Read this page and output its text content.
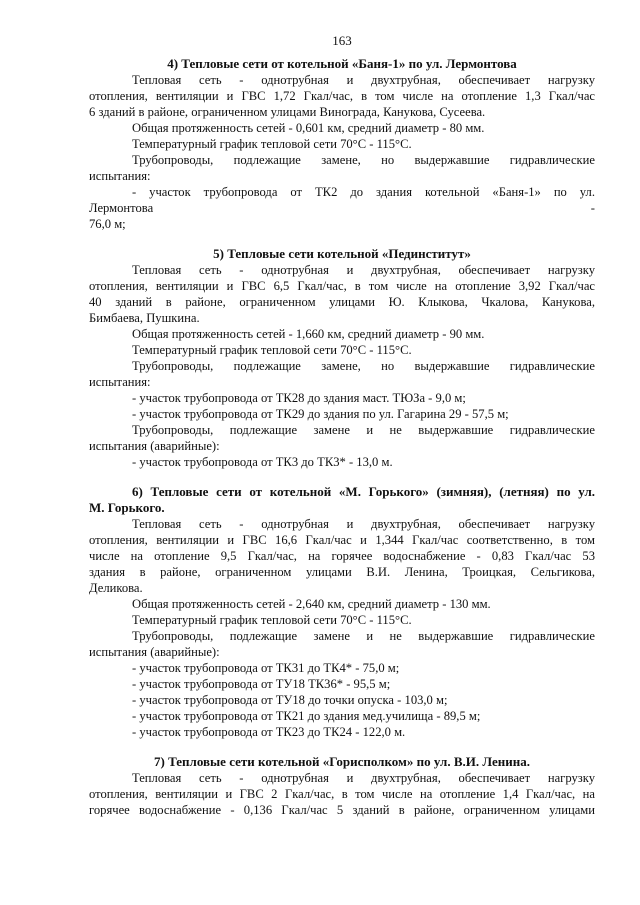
163

4) Тепловые сети от котельной «Баня-1» по ул. Лермонтова

Тепловая сеть - однотрубная и двухтрубная, обеспечивает нагрузку

отопления, вентиляции и ГВС 1,72 Гкал/час, в том числе на отопление 1,3 Гкал/час

6 зданий в районе, ограниченном улицами Винограда, Канукова, Сусеева.

Общая протяженность сетей - 0,601 км, средний диаметр - 80 мм.

Температурный график тепловой сети 70°С - 115°С.

Трубопроводы, подлежащие замене, но выдержавшие гидравлические

испытания:

- участок трубопровода от ТК2 до здания котельной «Баня-1» по ул.

Лермонтова -

76,0 м;

5) Тепловые сети котельной «Пединститут»

Тепловая сеть - однотрубная и двухтрубная, обеспечивает нагрузку

отопления, вентиляции и ГВС 6,5 Гкал/час, в том числе на отопление 3,92 Гкал/час

40 зданий в районе, ограниченном улицами Ю. Клыкова, Чкалова, Канукова,

Бимбаева, Пушкина.

Общая протяженность сетей - 1,660 км, средний диаметр - 90 мм.

Температурный график тепловой сети 70°С - 115°С.

Трубопроводы, подлежащие замене, но выдержавшие гидравлические

испытания:

- участок трубопровода от ТК28 до здания маст. ТЮЗа - 9,0 м;

- участок трубопровода от ТК29 до здания по ул. Гагарина 29 - 57,5 м;

Трубопроводы, подлежащие замене и не выдержавшие гидравлические

испытания (аварийные):

- участок трубопровода от ТК3 до ТК3* - 13,0 м.

6) Тепловые сети от котельной «М. Горького» (зимняя), (летняя) по ул.

М. Горького.

Тепловая сеть - однотрубная и двухтрубная, обеспечивает нагрузку

отопления, вентиляции и ГВС 16,6 Гкал/час и 1,344 Гкал/час соответственно, в том

числе на отопление 9,5 Гкал/час, на горячее водоснабжение - 0,83 Гкал/час 53

здания в районе, ограниченном улицами В.И. Ленина, Троицкая, Сельгикова,

Деликова.

Общая протяженность сетей - 2,640 км, средний диаметр - 130 мм.

Температурный график тепловой сети 70°С - 115°С.

Трубопроводы, подлежащие замене и не выдержавшие гидравлические

испытания (аварийные):

- участок трубопровода от ТК31 до ТК4* - 75,0 м;

- участок трубопровода от ТУ18 ТК36* - 95,5 м;

- участок трубопровода от ТУ18 до точки опуска - 103,0 м;

- участок трубопровода от ТК21 до здания мед.училища - 89,5 м;

- участок трубопровода от ТК23 до ТК24 - 122,0 м.

7) Тепловые сети котельной «Горисполком» по ул. В.И. Ленина.

Тепловая сеть - однотрубная и двухтрубная, обеспечивает нагрузку

отопления, вентиляции и ГВС 2 Гкал/час, в том числе на отопление 1,4 Гкал/час, на

горячее водоснабжение - 0,136 Гкал/час 5 зданий в районе, ограниченном улицами
